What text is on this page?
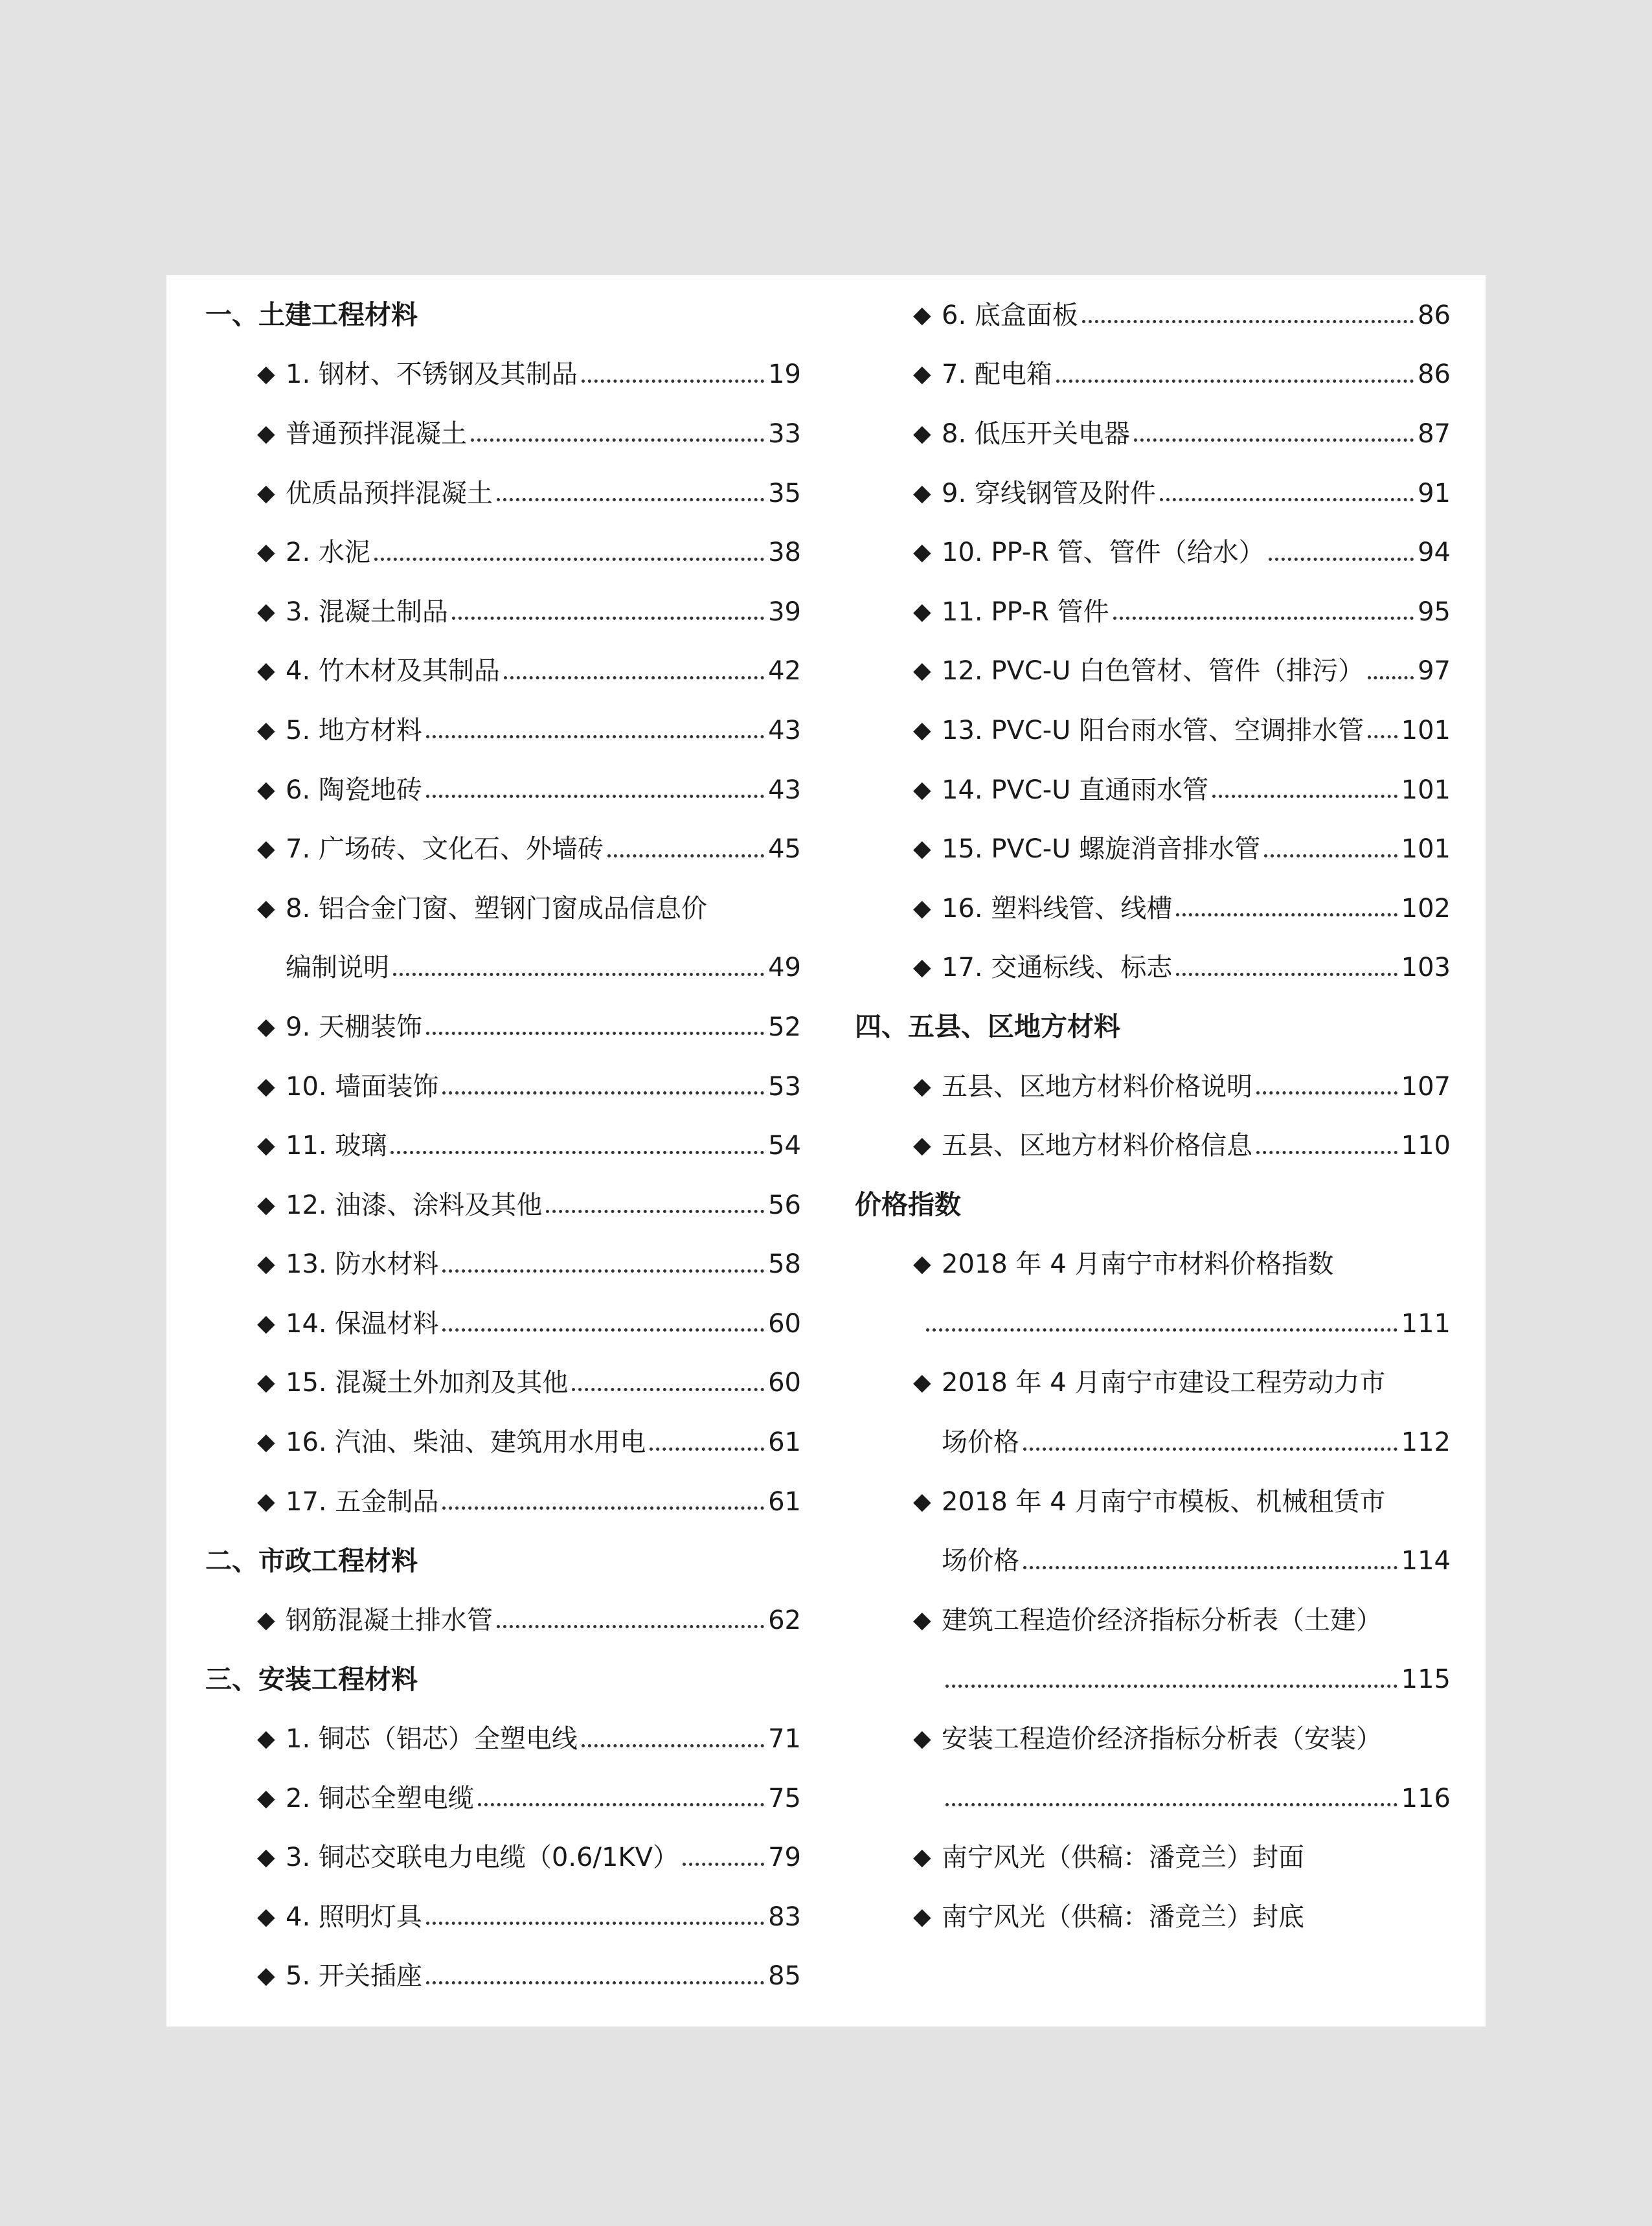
一、土建工程材料
◆ 1. 钢材、不锈钢及其制品	19
◆ 普通预拌混凝土	33
◆ 优质品预拌混凝土	35
◆ 2. 水泥	38
◆ 3. 混凝土制品	39
◆ 4. 竹木材及其制品	42
◆ 5. 地方材料	43
◆ 6. 陶瓷地砖	43
◆ 7. 广场砖、文化石、外墙砖	45
◆ 8. 铝合金门窗、塑钢门窗成品信息价
编制说明	49
◆ 9. 天棚装饰	52
◆ 10. 墙面装饰	53
◆ 11. 玻璃	54
◆ 12. 油漆、涂料及其他	56
◆ 13. 防水材料	58
◆ 14. 保温材料	60
◆ 15. 混凝土外加剂及其他	60
◆ 16. 汽油、柴油、建筑用水用电	61
◆ 17. 五金制品	61
二、市政工程材料
◆ 钢筋混凝土排水管	62
三、安装工程材料
◆ 1. 铜芯（铝芯）全塑电线	71
◆ 2. 铜芯全塑电缆	75
◆ 3. 铜芯交联电力电缆（0.6/1KV）	79
◆ 4. 照明灯具	83
◆ 5. 开关插座	85
◆ 6. 底盒面板	86
◆ 7. 配电箱	86
◆ 8. 低压开关电器	87
◆ 9. 穿线钢管及附件	91
◆ 10. PP-R 管、管件（给水）	94
◆ 11. PP-R 管件	95
◆ 12. PVC-U 白色管材、管件（排污） 97
◆ 13. PVC-U 阳台雨水管、空调排水管 101
◆ 14. PVC-U 直通雨水管	101
◆ 15. PVC-U 螺旋消音排水管	101
◆ 16. 塑料线管、线槽	102
◆ 17. 交通标线、标志	103
四、五县、区地方材料
◆ 五县、区地方材料价格说明	107
◆ 五县、区地方材料价格信息	110
价格指数
◆ 2018 年 4 月南宁市材料价格指数
111
◆ 2018 年 4 月南宁市建设工程劳动力市
场价格	112
◆ 2018 年 4 月南宁市模板、机械租赁市
场价格	114
◆ 建筑工程造价经济指标分析表（土建）
115
◆ 安装工程造价经济指标分析表（安装）
116
◆ 南宁风光（供稿：潘竞兰）封面
◆ 南宁风光（供稿：潘竞兰）封底
